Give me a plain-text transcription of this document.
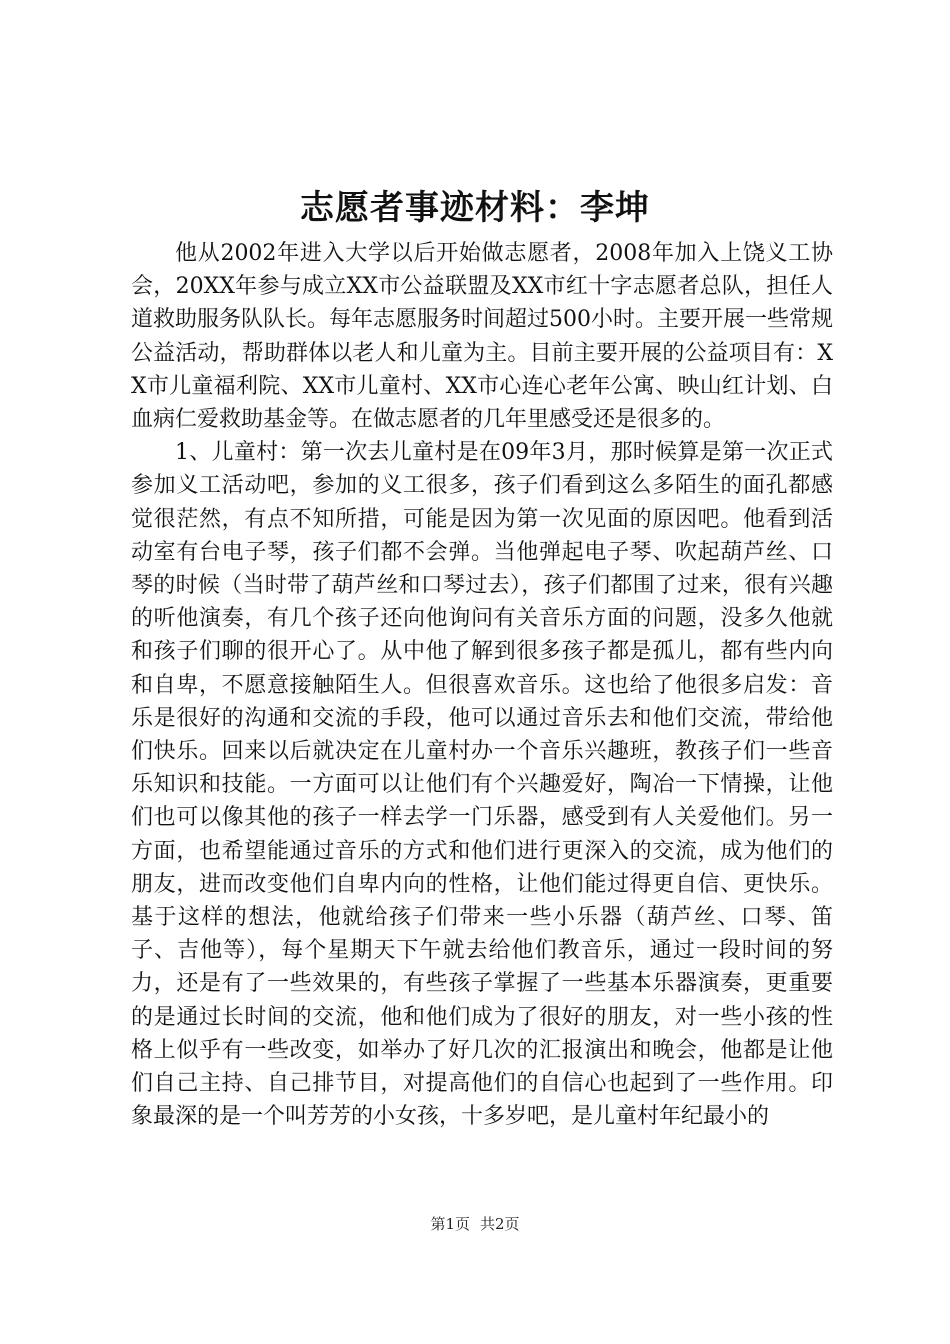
志愿者事迹材料：李坤

他从2002年进入大学以后开始做志愿者，2008年加入上饶义工协会，20XX年参与成立XX市公益联盟及XX市红十字志愿者总队，担任人道救助服务队队长。每年志愿服务时间超过500小时。主要开展一些常规公益活动，帮助群体以老人和儿童为主。目前主要开展的公益项目有：XX市儿童福利院、XX市儿童村、XX市心连心老年公寓、映山红计划、白血病仁爱救助基金等。在做志愿者的几年里感受还是很多的。

1、儿童村：第一次去儿童村是在09年3月，那时候算是第一次正式参加义工活动吧，参加的义工很多，孩子们看到这么多陌生的面孔都感觉很茫然，有点不知所措，可能是因为第一次见面的原因吧。他看到活动室有台电子琴，孩子们都不会弹。当他弹起电子琴、吹起葫芦丝、口琴的时候（当时带了葫芦丝和口琴过去），孩子们都围了过来，很有兴趣的听他演奏，有几个孩子还向他询问有关音乐方面的问题，没多久他就和孩子们聊的很开心了。从中他了解到很多孩子都是孤儿，都有些内向和自卑，不愿意接触陌生人。但很喜欢音乐。这也给了他很多启发：音乐是很好的沟通和交流的手段，他可以通过音乐去和他们交流，带给他们快乐。回来以后就决定在儿童村办一个音乐兴趣班，教孩子们一些音乐知识和技能。一方面可以让他们有个兴趣爱好，陶冶一下情操，让他们也可以像其他的孩子一样去学一门乐器，感受到有人关爱他们。另一方面，也希望能通过音乐的方式和他们进行更深入的交流，成为他们的朋友，进而改变他们自卑内向的性格，让他们能过得更自信、更快乐。基于这样的想法，他就给孩子们带来一些小乐器（葫芦丝、口琴、笛子、吉他等），每个星期天下午就去给他们教音乐，通过一段时间的努力，还是有了一些效果的，有些孩子掌握了一些基本乐器演奏，更重要的是通过长时间的交流，他和他们成为了很好的朋友，对一些小孩的性格上似乎有一些改变，如举办了好几次的汇报演出和晚会，他都是让他们自己主持、自己排节目，对提高他们的自信心也起到了一些作用。印象最深的是一个叫芳芳的小女孩，十多岁吧，是儿童村年纪最小的

第1页 共2页
